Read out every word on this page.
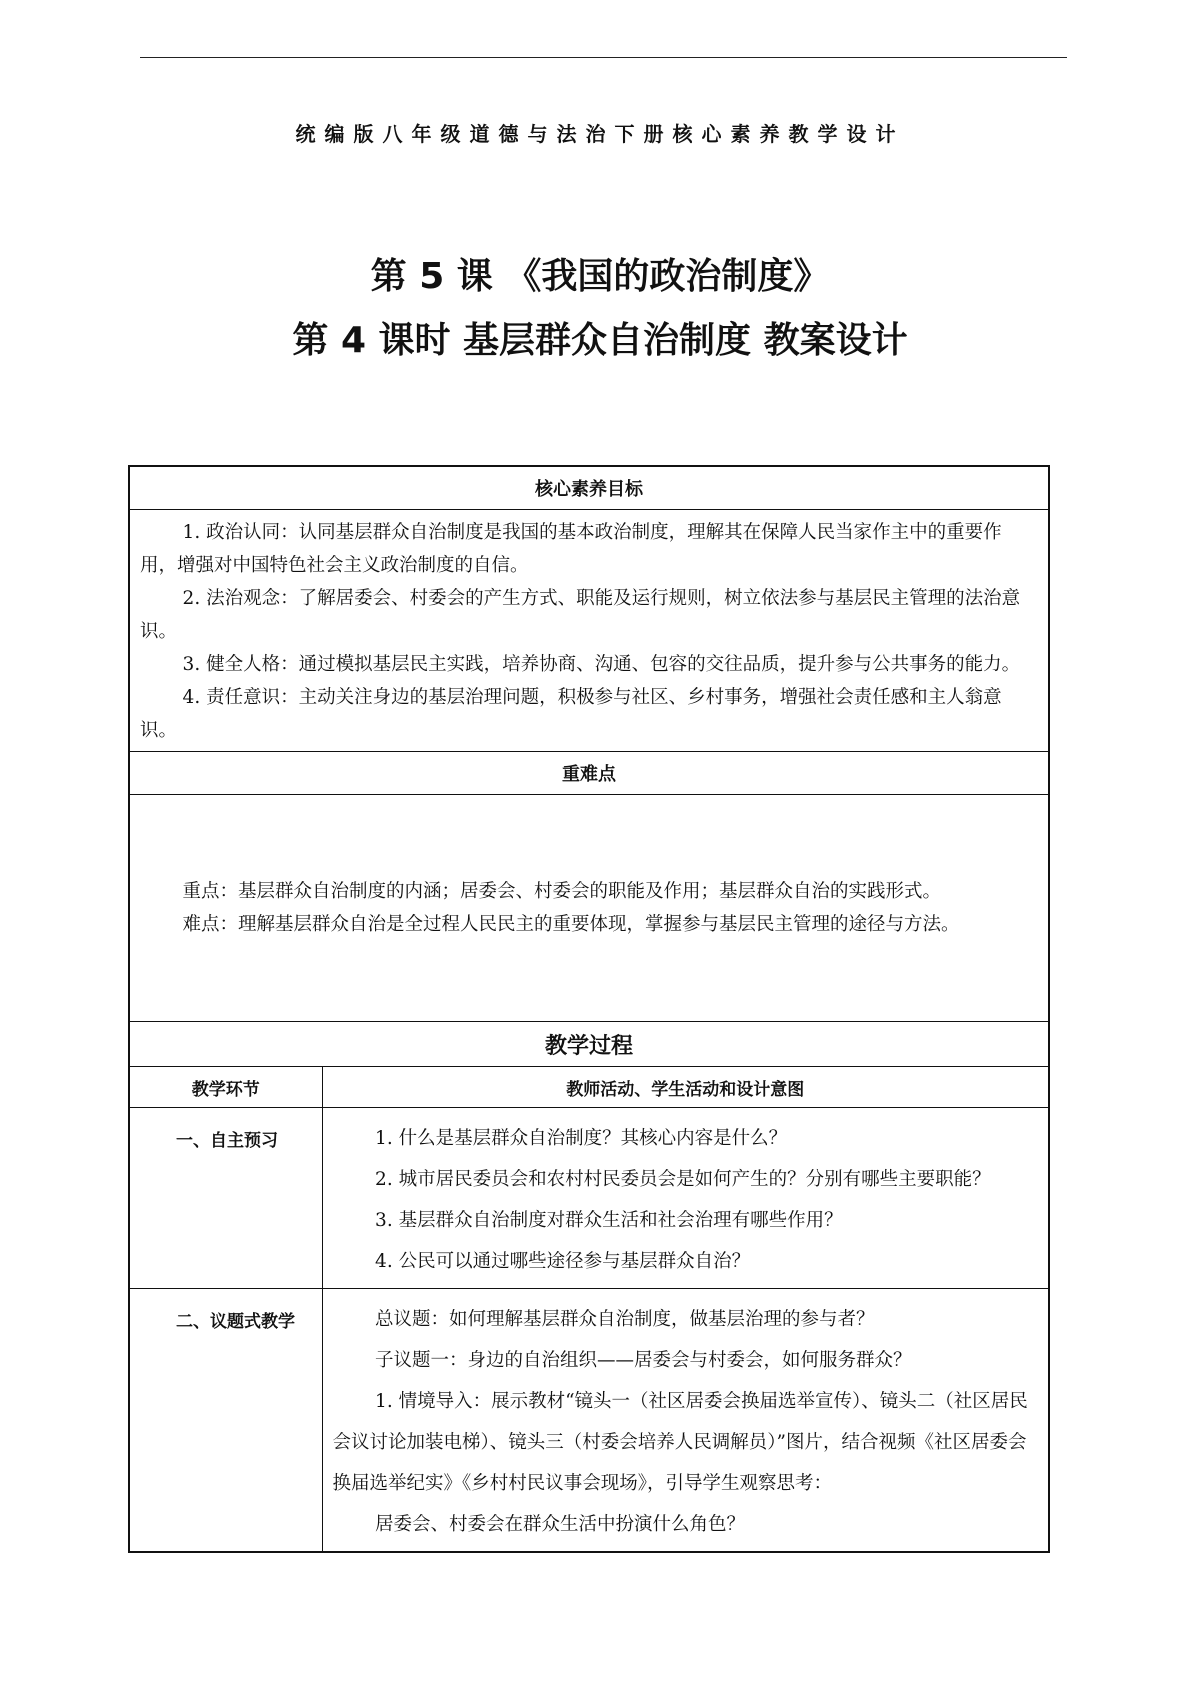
统编版八年级道德与法治下册核心素养教学设计
第 5 课 《我国的政治制度》
第 4 课时 基层群众自治制度 教案设计
核心素养目标	

1. 政治认同：认同基层群众自治制度是我国的基本政治制度，理解其在保障人民当家作主中的重要作用，增强对中国特色社会主义政治制度的自信。

2. 法治观念：了解居委会、村委会的产生方式、职能及运行规则，树立依法参与基层民主管理的法治意识。

3. 健全人格：通过模拟基层民主实践，培养协商、沟通、包容的交往品质，提升参与公共事务的能力。

4. 责任意识：主动关注身边的基层治理问题，积极参与社区、乡村事务，增强社会责任感和主人翁意识。	

重难点	

重点：基层群众自治制度的内涵；居委会、村委会的职能及作用；基层群众自治的实践形式。

难点：理解基层群众自治是全过程人民民主的重要体现，掌握参与基层民主管理的途径与方法。	

教学过程	
教学环节	教师活动、学生活动和设计意图

一、自主预习	1. 什么是基层群众自治制度？其核心内容是什么？

2. 城市居民委员会和农村村民委员会是如何产生的？分别有哪些主要职能？

3. 基层群众自治制度对群众生活和社会治理有哪些作用？

4. 公民可以通过哪些途径参与基层群众自治？

二、议题式教学	总议题：如何理解基层群众自治制度，做基层治理的参与者？

子议题一：身边的自治组织——居委会与村委会，如何服务群众？

1. 情境导入：展示教材“镜头一（社区居委会换届选举宣传）、镜头二（社区居民会议讨论加装电梯）、镜头三（村委会培养人民调解员）”图片，结合视频《社区居委会换届选举纪实》《乡村村民议事会现场》，引导学生观察思考：

居委会、村委会在群众生活中扮演什么角色？
